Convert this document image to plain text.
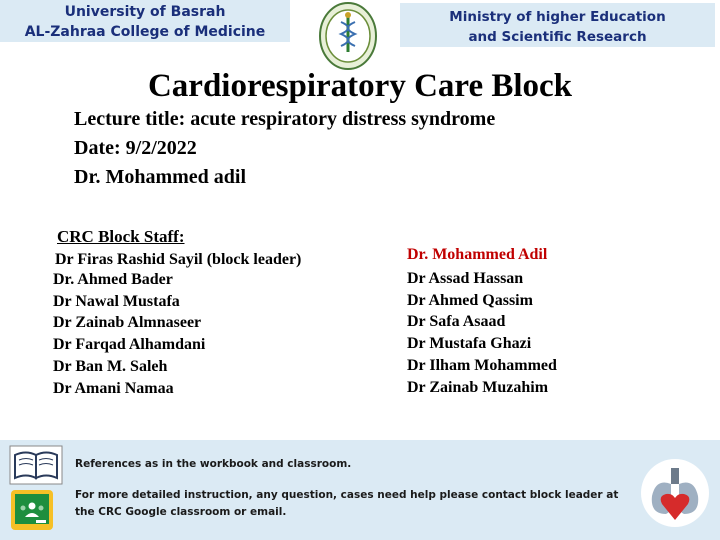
University of Basrah
AL-Zahraa College of Medicine
Ministry of higher Education
and Scientific Research
Cardiorespiratory Care Block
Lecture title: acute respiratory distress syndrome
Date: 9/2/2022
Dr. Mohammed adil
CRC Block Staff:
Dr Firas Rashid Sayil (block leader)
Dr. Ahmed Bader
Dr Nawal Mustafa
Dr Zainab Almnaseer
Dr Farqad Alhamdani
Dr Ban M. Saleh
Dr Amani Namaa
Dr. Mohammed Adil
Dr Assad Hassan
Dr Ahmed Qassim
Dr Safa Asaad
Dr Mustafa Ghazi
Dr Ilham Mohammed
Dr Zainab Muzahim
References as in the workbook and classroom.
For more detailed instruction, any question, cases need help please contact block leader at the CRC Google classroom or email.
